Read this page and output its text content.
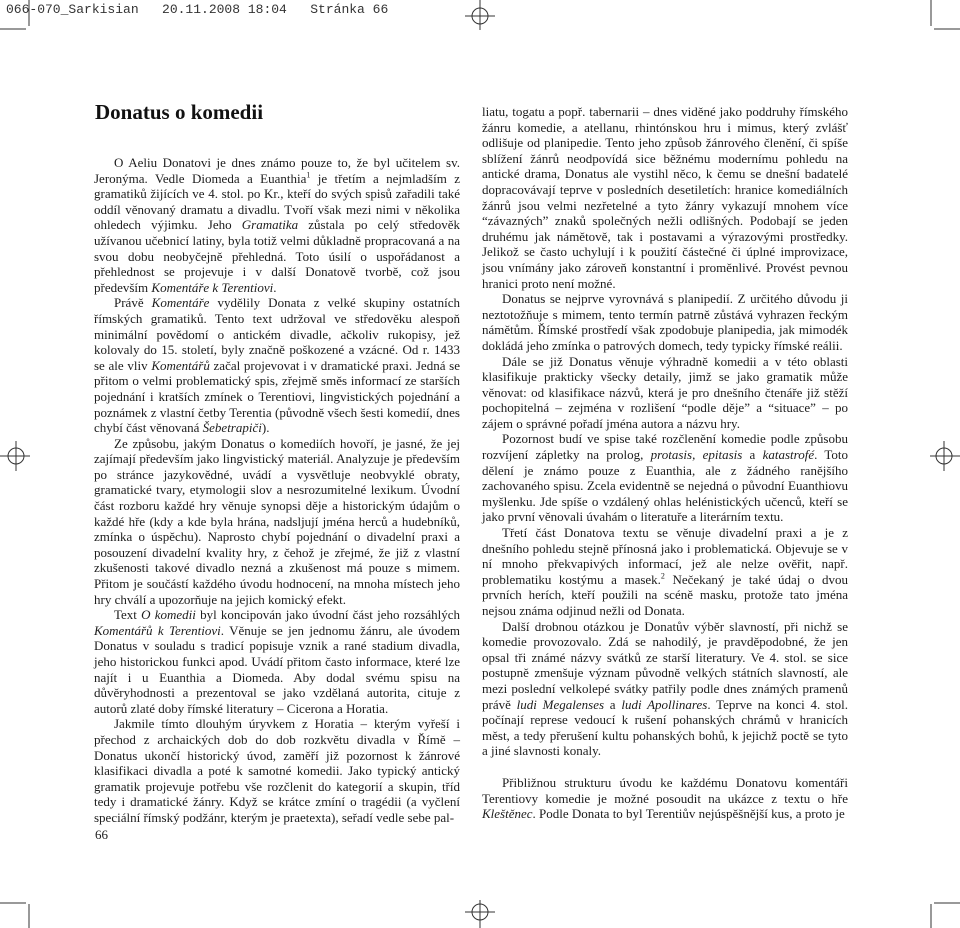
066-070_Sarkisian   20.11.2008 18:04   Stránka 66
Donatus o komedii

O Aeliu Donatovi je dnes známo pouze to, že byl učitelem sv. Jeronýma. Vedle Diomeda a Euanthia$^1$ je třetím a nejmladším z gramatiků žijících ve 4. stol. po Kr., kteří do svých spisů zařadili také oddíl věnovaný dramatu a divadlu. Tvoří však mezi nimi v několika ohledech výjimku. Jeho Gramatika zůstala po celý středověk užívanou učebnicí latiny, byla totiž velmi důkladně propracovaná a na svou dobu neobyčejně přehledná. Toto úsilí o uspořádanost a přehlednost se projevuje i v další Donatově tvorbě, což jsou především Komentáře k Terentiovi.

Právě Komentáře vydělily Donata z velké skupiny ostatních římských gramatiků. Tento text udržoval ve středověku alespoň minimální povědomí o antickém divadle, ačkoliv rukopisy, jež kolovaly do 15. století, byly značně poškozené a vzácné. Od r. 1433 se ale vliv Komentářů začal projevovat i v dramatické praxi. Jedná se přitom o velmi problematický spis, zřejmě směs informací ze starších pojednání i kratších zmínek o Terentiovi, lingvistických pojednání a poznámek z vlastní četby Terentia (původně všech šesti komedií, dnes chybí část věnovaná Šebetrapiči).

Ze způsobu, jakým Donatus o komediích hovoří, je jasné, že jej zajímají především jako lingvistický materiál. Analyzuje je především po stránce jazykovědné, uvádí a vysvětluje neobvyklé obraty, gramatické tvary, etymologii slov a nesrozumitelné lexikum. Úvodní část rozboru každé hry věnuje synopsi děje a historickým údajům o každé hře (kdy a kde byla hrána, nadsljují jména herců a hudebníků, zmínka o úspěchu). Naprosto chybí pojednání o divadelní praxi a posouzení divadelní kvality hry, z čehož je zřejmé, že již z vlastní zkušenosti takové divadlo nezná a zkušenost má pouze s mimem. Přitom je součástí každého úvodu hodnocení, na mnoha místech jeho hry chválí a upozorňuje na jejich komický efekt.

Text O komedii byl koncipován jako úvodní část jeho rozsáhlých Komentářů k Terentiovi. Věnuje se jen jednomu žánru, ale úvodem Donatus v souladu s tradicí popisuje vznik a rané stadium divadla, jeho historickou funkci apod. Uvádí přitom často informace, které lze najít i u Euanthia a Diomeda. Aby dodal svému spisu na důvěryhodnosti a prezentoval se jako vzdělaná autorita, cituje z autorů zlaté doby římské literatury – Cicerona a Horatia.

Jakmile tímto dlouhým úryvkem z Horatia – kterým vyřeší i přechod z archaických dob do dob rozkvětu divadla v Římě – Donatus ukončí historický úvod, zaměří již pozornost k žánrové klasifikaci divadla a poté k samotné komedii. Jako typický antický gramatik projevuje potřebu vše rozčlenit do kategorií a skupin, tříd tedy i dramatické žánry. Když se krátce zmíní o tragédii (a vyčlení speciální římský podžánr, kterým je praetexta), seřadí vedle sebe pal-

liatu, togatu a popř. tabernarii – dnes viděné jako poddruhy římského žánru komedie, a atellanu, rhintónskou hru i mimus, který zvlášť odlišuje od planipedie. Tento jeho způsob žánrového členění, či spíše sblížení žánrů neodpovídá sice běžnému modernímu pohledu na antické drama, Donatus ale vystihl něco, k čemu se dnešní badatelé dopracovávají teprve v posledních desetiletích: hranice komediálních žánrů jsou velmi nezřetelné a tyto žánry vykazují mnohem více “závazných” znaků společných nežli odlišných. Podobají se jeden druhému jak námětově, tak i postavami a výrazovými prostředky. Jelikož se často uchylují i k použití částečné či úplné improvizace, jsou vnímány jako zároveň konstantní i proměnlivé. Provést pevnou hranici proto není možné.

Donatus se nejprve vyrovnává s planipedií. Z určitého důvodu ji neztotožňuje s mimem, tento termín patrně zůstává vyhrazen řeckým námětům. Římské prostředí však zpodobuje planipedia, jak mimodék dokládá jeho zmínka o patrových domech, tedy typicky římské reálii.

Dále se již Donatus věnuje výhradně komedii a v této oblasti klasifikuje prakticky všecky detaily, jimž se jako gramatik může věnovat: od klasifikace názvů, která je pro dnešního čtenáře již stěží pochopitelná – zejména v rozlišení “podle děje” a “situace” – po zájem o správné pořadí jména autora a názvu hry.

Pozornost budí ve spise také rozčlenění komedie podle způsobu rozvíjení zápletky na prolog, protasis, epitasis a katastrofé. Toto dělení je známo pouze z Euanthia, ale z žádného ranějšího zachovaného spisu. Zcela evidentně se nejedná o původní Euanthiovu myšlenku. Jde spíše o vzdálený ohlas helénistických učenců, kteří se jako první věnovali úvahám o literatuře a literárním textu.

Třetí část Donatova textu se věnuje divadelní praxi a je z dnešního pohledu stejně přínosná jako i problematická. Objevuje se v ní mnoho překvapivých informací, jež ale nelze ověřit, např. problematiku kostýmu a masek.$^2$ Nečekaný je také údaj o dvou prvních herích, kteří použili na scéně masku, protože tato jména nejsou známa odjinud nežli od Donata.

Další drobnou otázkou je Donatův výběr slavností, při nichž se komedie provozovalo. Zdá se nahodilý, je pravděpodobné, že jen opsal tři známé názvy svátků ze starší literatury. Ve 4. stol. se sice postupně zmenšuje význam původně velkých státních slavností, ale mezi poslední velkolepé svátky patřily podle dnes známých pramenů právě ludi Megalenses a ludi Apollinares. Teprve na konci 4. stol. počínají represe vedoucí k rušení pohanských chrámů v hranicích měst, a tedy přerušení kultu pohanských bohů, k jejichž poctě se tyto a jiné slavnosti konaly.

Přibližnou strukturu úvodu ke každému Donatovu komentáři Terentiovy komedie je možné posoudit na ukázce z textu o hře Kleštěnec. Podle Donata to byl Terentiův nejúspěšnější kus, a proto je

66
